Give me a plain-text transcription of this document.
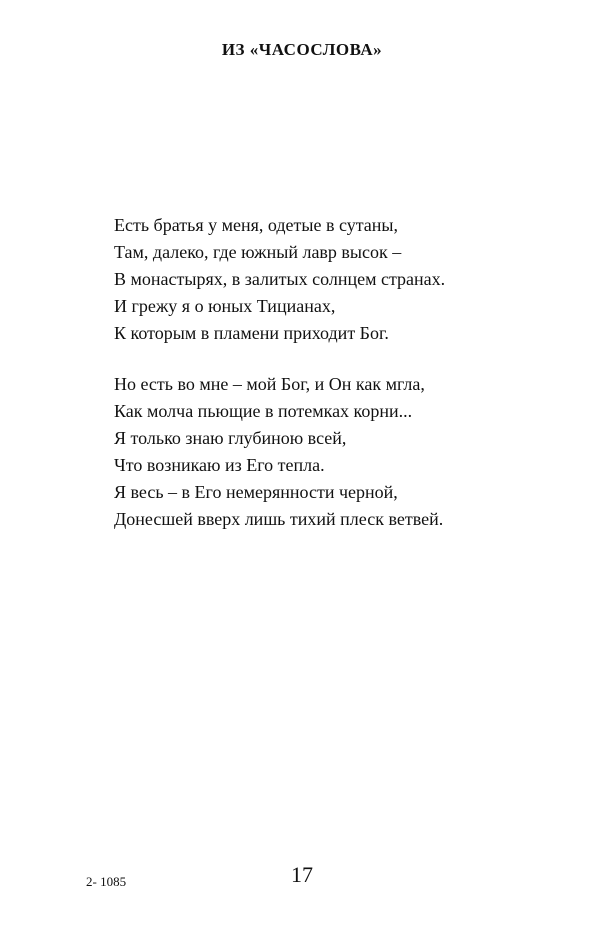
ИЗ «ЧАСОСЛОВА»
Есть братья у меня, одетые в сутаны,
Там, далеко, где южный лавр высок –
В монастырях, в залитых солнцем странах.
И грежу я о юных Тицианах,
К которым в пламени приходит Бог.
Но есть во мне – мой Бог, и Он как мгла,
Как молча пьющие в потемках корни...
Я только знаю глубиною всей,
Что возникаю из Его тепла.
Я весь – в Его немерянности черной,
Донесшей вверх лишь тихий плеск ветвей.
2- 1085	17
